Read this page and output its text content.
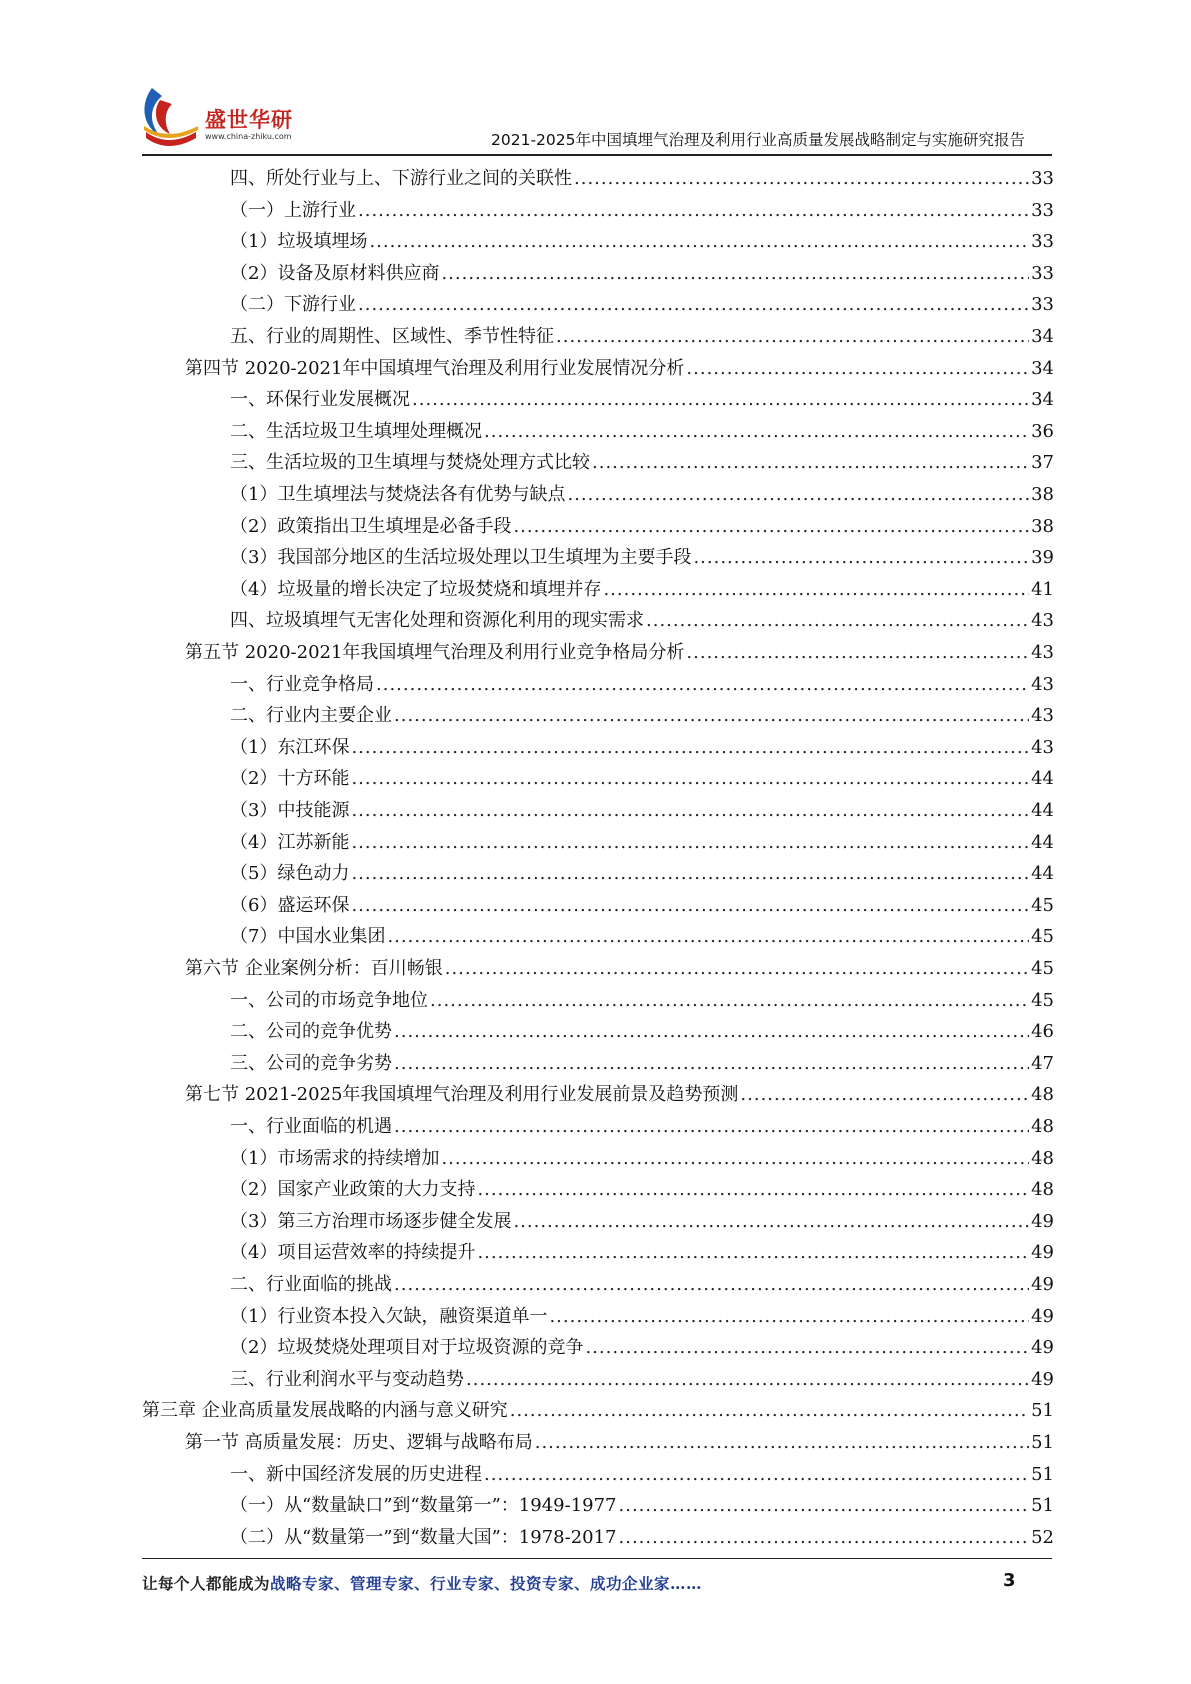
盛世华研
www.china-zhiku.com	2021-2025年中国填埋气治理及利用行业高质量发展战略制定与实施研究报告
四、所处行业与上、下游行业之间的关联性 .....	33
（一）上游行业 .....	33
（1）垃圾填埋场 .....	33
（2）设备及原材料供应商 .....	33
（二）下游行业 .....	33
五、行业的周期性、区域性、季节性特征 .....	34
第四节 2020-2021年中国填埋气治理及利用行业发展情况分析 .....	34
一、环保行业发展概况 .....	34
二、生活垃圾卫生填埋处理概况 .....	36
三、生活垃圾的卫生填埋与焚烧处理方式比较 .....	37
（1）卫生填埋法与焚烧法各有优势与缺点 .....	38
（2）政策指出卫生填埋是必备手段 .....	38
（3）我国部分地区的生活垃圾处理以卫生填埋为主要手段 .....	39
（4）垃圾量的增长决定了垃圾焚烧和填埋并存 .....	41
四、垃圾填埋气无害化处理和资源化利用的现实需求 .....	43
第五节 2020-2021年我国填埋气治理及利用行业竞争格局分析 .....	43
一、行业竞争格局 .....	43
二、行业内主要企业 .....	43
（1）东江环保 .....	43
（2）十方环能 .....	44
（3）中技能源 .....	44
（4）江苏新能 .....	44
（5）绿色动力 .....	44
（6）盛运环保 .....	45
（7）中国水业集团 .....	45
第六节 企业案例分析：百川畅银 .....	45
一、公司的市场竞争地位 .....	45
二、公司的竞争优势 .....	46
三、公司的竞争劣势 .....	47
第七节 2021-2025年我国填埋气治理及利用行业发展前景及趋势预测 .....	48
一、行业面临的机遇 .....	48
（1）市场需求的持续增加 .....	48
（2）国家产业政策的大力支持 .....	48
（3）第三方治理市场逐步健全发展 .....	49
（4）项目运营效率的持续提升 .....	49
二、行业面临的挑战 .....	49
（1）行业资本投入欠缺，融资渠道单一 .....	49
（2）垃圾焚烧处理项目对于垃圾资源的竞争 .....	49
三、行业利润水平与变动趋势 .....	49
第三章 企业高质量发展战略的内涵与意义研究 .....	51
第一节 高质量发展：历史、逻辑与战略布局 .....	51
一、新中国经济发展的历史进程 .....	51
（一）从“数量缺口”到“数量第一”：1949-1977 .....	51
（二）从“数量第一”到“数量大国”：1978-2017 .....	52
让每个人都能成为战略专家、管理专家、行业专家、投资专家、成功企业家……	3
